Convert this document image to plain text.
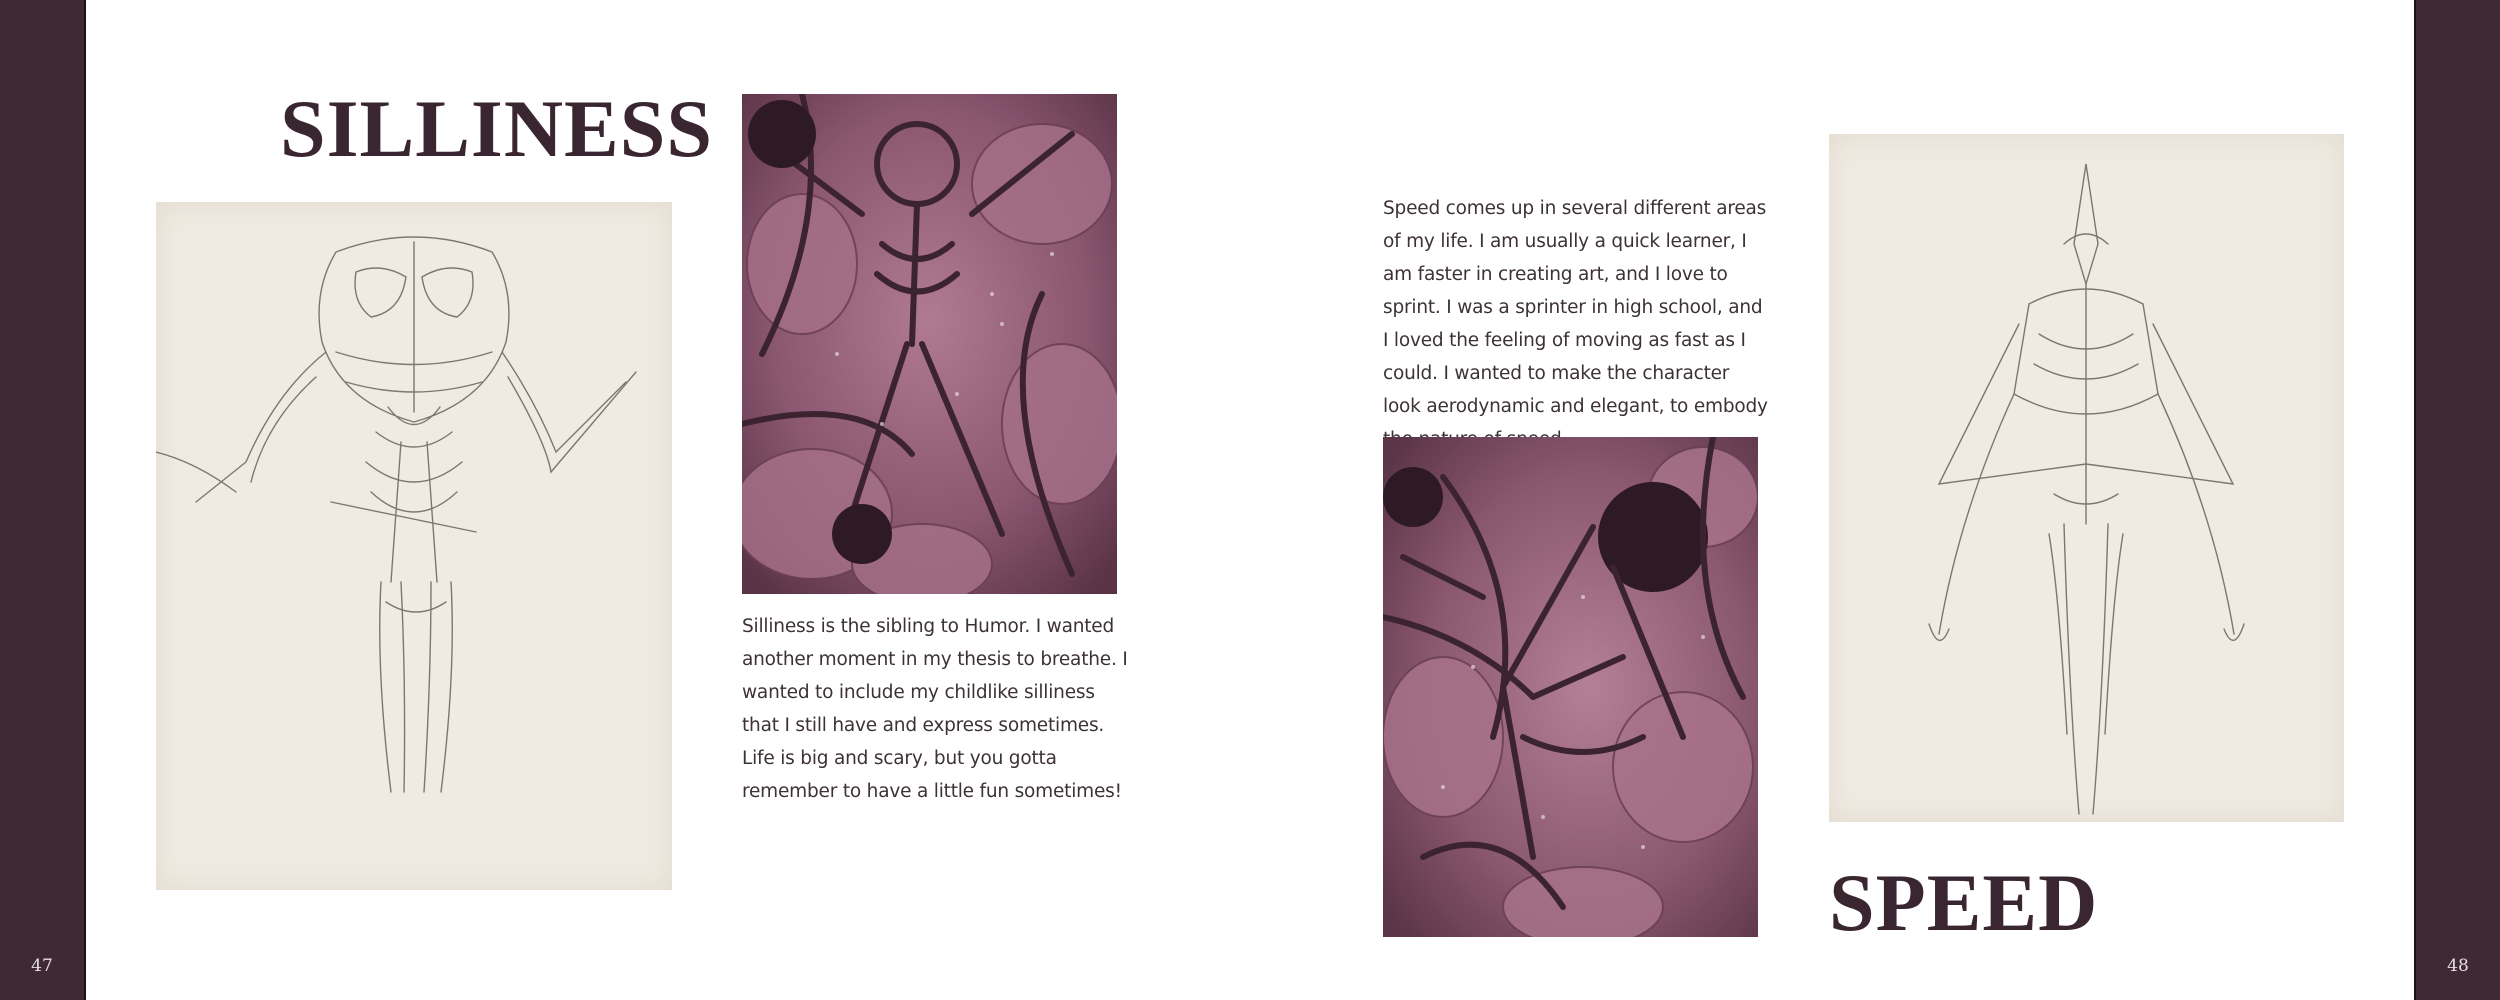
47	48
SILLINESS

Silliness is the sibling to Humor. I wanted another moment in my thesis to breathe. I wanted to include my childlike silliness that I still have and express sometimes. Life is big and scary, but you gotta remember to have a little fun sometimes!

Speed comes up in several different areas of my life. I am usually a quick learner, I am faster in creating art, and I love to sprint. I was a sprinter in high school, and I loved the feeling of moving as fast as I could. I wanted to make the character look aerodynamic and elegant, to embody

SPEED
